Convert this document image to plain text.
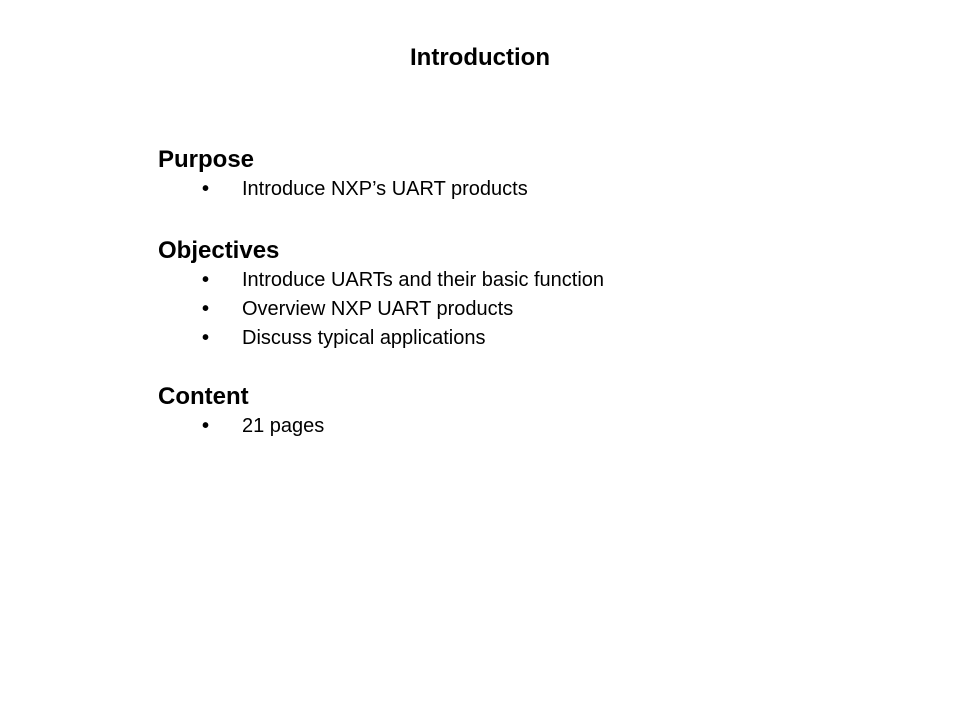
Introduction
Purpose
• Introduce NXP’s UART products
Objectives
• Introduce UARTs and their basic function
• Overview NXP UART products
• Discuss typical applications
Content
• 21 pages
